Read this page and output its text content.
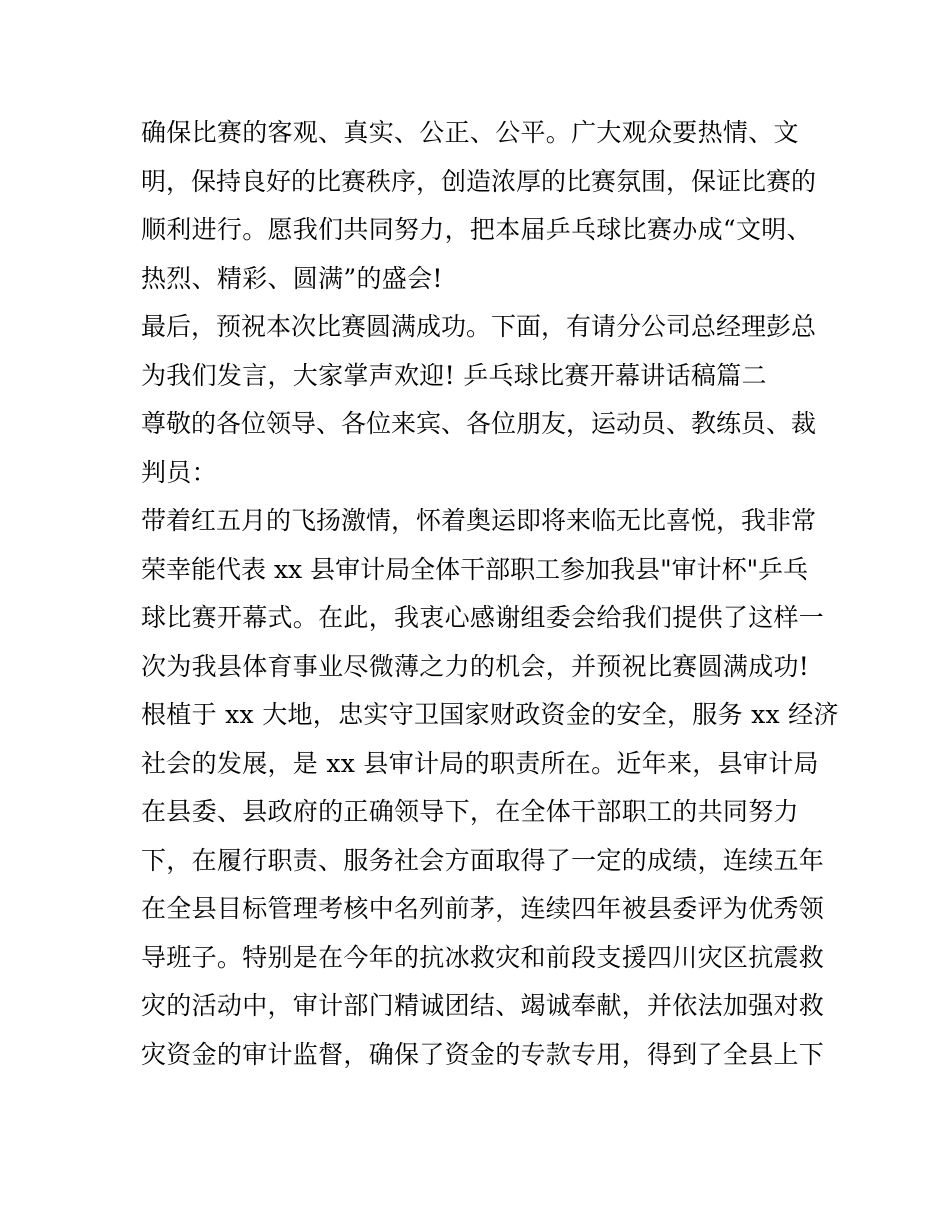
确保比赛的客观、真实、公正、公平。广大观众要热情、文
明，保持良好的比赛秩序，创造浓厚的比赛氛围，保证比赛的
顺利进行。愿我们共同努力，把本届乒乓球比赛办成“文明、
热烈、精彩、圆满”的盛会!
最后，预祝本次比赛圆满成功。下面，有请分公司总经理彭总
为我们发言，大家掌声欢迎! 乒乓球比赛开幕讲话稿篇二
尊敬的各位领导、各位来宾、各位朋友，运动员、教练员、裁
判员：
带着红五月的飞扬激情，怀着奥运即将来临无比喜悦，我非常
荣幸能代表 xx 县审计局全体干部职工参加我县"审计杯"乒乓
球比赛开幕式。在此，我衷心感谢组委会给我们提供了这样一
次为我县体育事业尽微薄之力的机会，并预祝比赛圆满成功!
根植于 xx 大地，忠实守卫国家财政资金的安全，服务 xx 经济
社会的发展，是 xx 县审计局的职责所在。近年来，县审计局
在县委、县政府的正确领导下，在全体干部职工的共同努力
下，在履行职责、服务社会方面取得了一定的成绩，连续五年
在全县目标管理考核中名列前茅，连续四年被县委评为优秀领
导班子。特别是在今年的抗冰救灾和前段支援四川灾区抗震救
灾的活动中，审计部门精诚团结、竭诚奉献，并依法加强对救
灾资金的审计监督，确保了资金的专款专用，得到了全县上下
